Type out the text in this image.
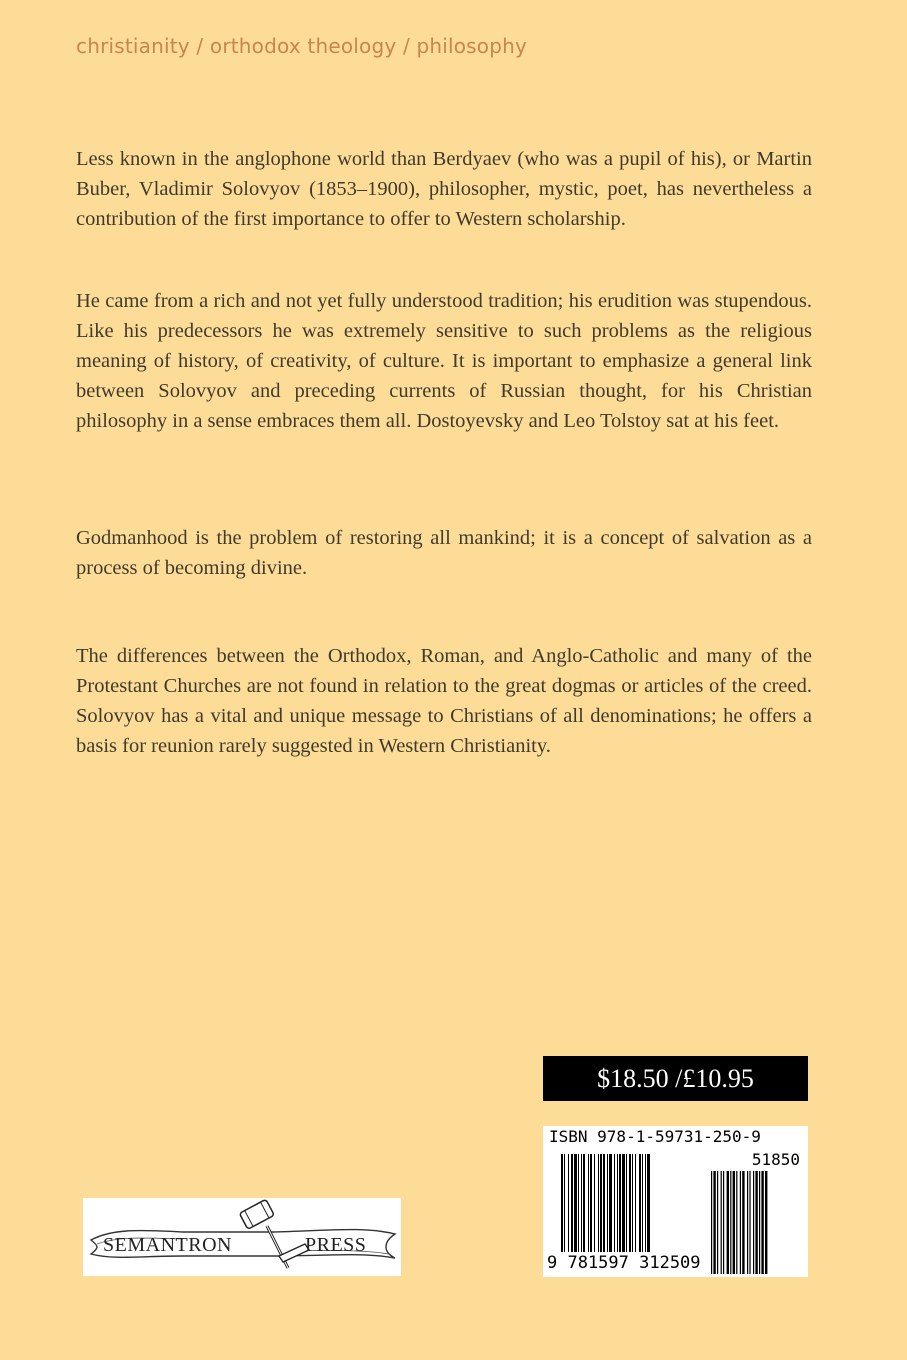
christianity / orthodox theology / philosophy

Less known in the anglophone world than Berdyaev (who was a pupil of his), or Martin Buber, Vladimir Solovyov (1853–1900), philosopher, mystic, poet, has nevertheless a contribution of the first importance to offer to Western scholarship.

He came from a rich and not yet fully understood tradition; his erudition was stupendous. Like his predecessors he was extremely sensitive to such problems as the religious meaning of history, of creativity, of culture. It is important to emphasize a general link between Solovyov and preceding currents of Russian thought, for his Christian philosophy in a sense embraces them all. Dostoyevsky and Leo Tolstoy sat at his feet.

Godmanhood is the problem of restoring all mankind; it is a concept of salvation as a process of becoming divine.

The differences between the Orthodox, Roman, and Anglo-Catholic and many of the Protestant Churches are not found in relation to the great dogmas or articles of the creed. Solovyov has a vital and unique message to Christians of all denominations; he offers a basis for reunion rarely suggested in Western Christianity.

$18.50 /£10.95
ISBN 978-1-59731-250-9
51850
9 781597 312509
SEMANTRON	PRESS
